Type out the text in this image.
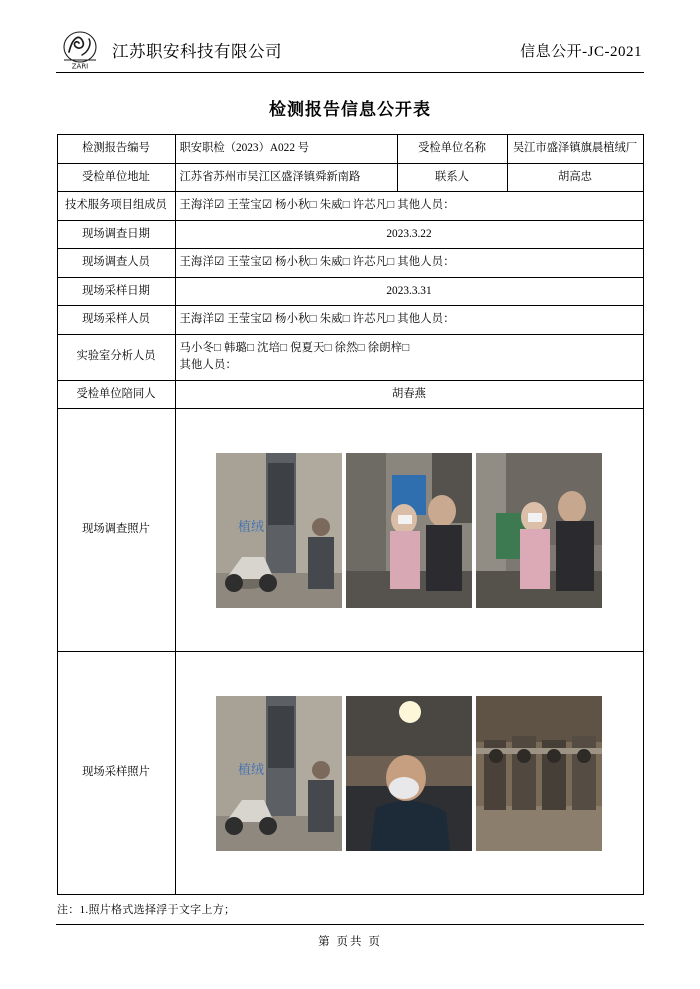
ZARI
江苏职安科技有限公司	信息公开-JC-2021
检测报告信息公开表
检测报告编号	职安职检（2023）A022 号	受检单位名称	吴江市盛泽镇旗晨植绒厂
受检单位地址	江苏省苏州市吴江区盛泽镇舜新南路	联系人	胡高忠
技术服务项目组成员	王海洋☑ 王莹宝☑ 杨小秋□ 朱威□ 许芯凡□ 其他人员：		
现场调查日期	2023.3.22		
现场调查人员	王海洋☑ 王莹宝☑ 杨小秋□ 朱威□ 许芯凡□ 其他人员：		
现场采样日期	2023.3.31		
现场采样人员	王海洋☑ 王莹宝☑ 杨小秋□ 朱威□ 许芯凡□ 其他人员：		
实验室分析人员	马小冬□ 韩璐□ 沈培□ 倪夏天□ 徐然□ 徐朗梓□
其他人员：		

受检单位陪同人	胡春燕		
现场调查照片	植绒		

现场采样照片	植绒		
注：1.照片格式选择浮于文字上方；
第 页共 页
